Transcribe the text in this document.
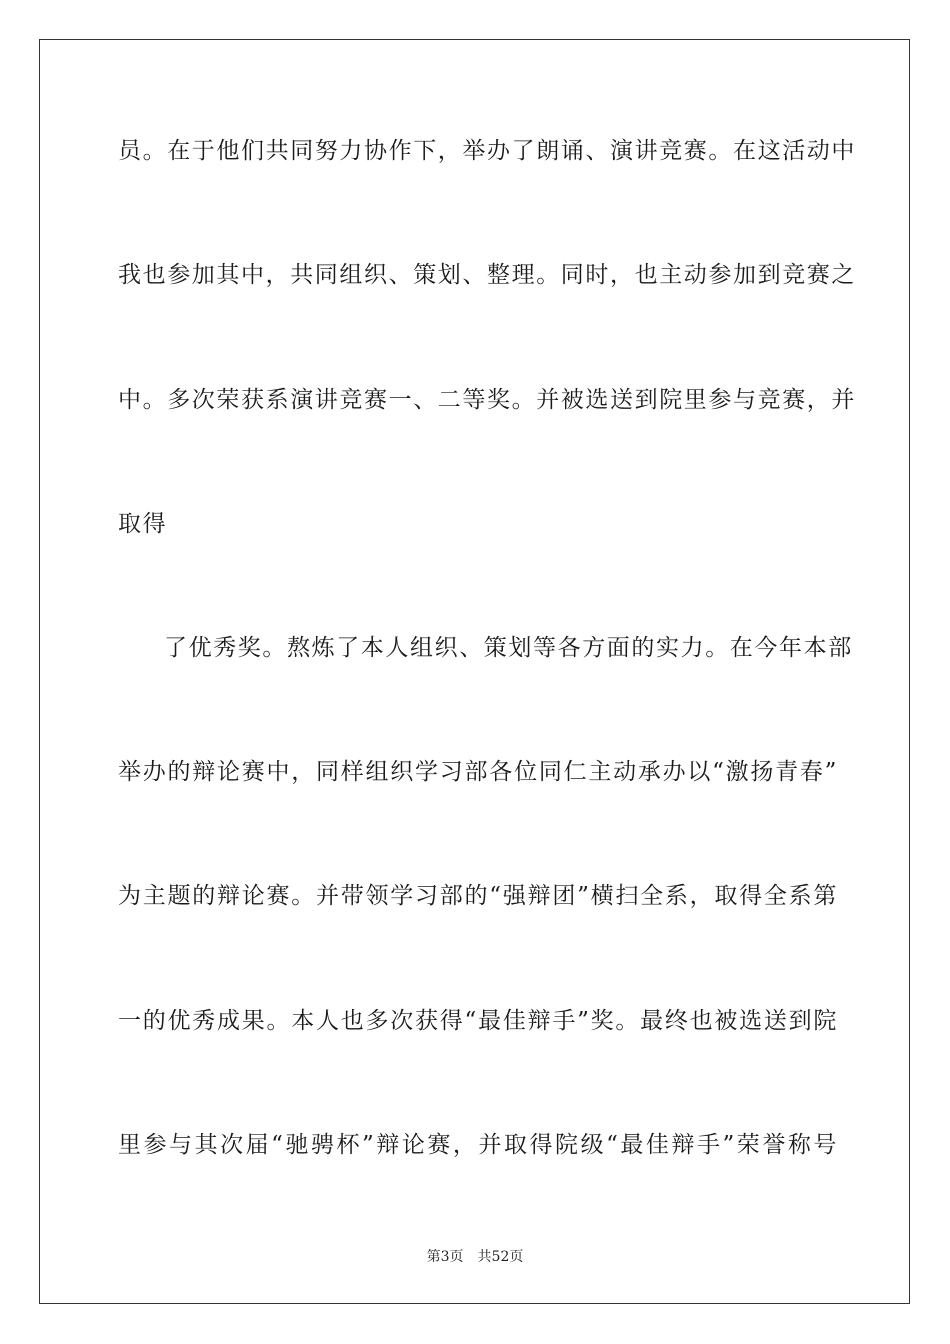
员。在于他们共同努力协作下，举办了朗诵、演讲竞赛。在这活动中
我也参加其中，共同组织、策划、整理。同时，也主动参加到竞赛之
中。多次荣获系演讲竞赛一、二等奖。并被选送到院里参与竞赛，并
取得
了优秀奖。熬炼了本人组织、策划等各方面的实力。在今年本部
举办的辩论赛中，同样组织学习部各位同仁主动承办以“激扬青春”
为主题的辩论赛。并带领学习部的“强辩团”横扫全系，取得全系第
一的优秀成果。本人也多次获得“最佳辩手”奖。最终也被选送到院
里参与其次届“驰骋杯”辩论赛，并取得院级“最佳辩手”荣誉称号
第3页 共52页
